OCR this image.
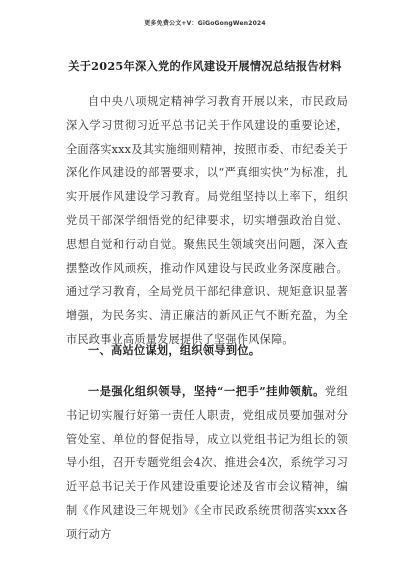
更多免费公文+V：GiGoGongWen2024
关于2025年深入党的作风建设开展情况总结报告材料
自中央八项规定精神学习教育开展以来，市民政局深入学习贯彻习近平总书记关于作风建设的重要论述，全面落实xxx及其实施细则精神，按照市委、市纪委关于深化作风建设的部署要求，以“严真细实快”为标准，扎实开展作风建设学习教育。局党组坚持以上率下，组织党员干部深学细悟党的纪律要求，切实增强政治自觉、思想自觉和行动自觉。聚焦民生领域突出问题，深入查摆整改作风顽疾，推动作风建设与民政业务深度融合。通过学习教育，全局党员干部纪律意识、规矩意识显著增强，为民务实、清正廉洁的新风正气不断充盈，为全市民政事业高质量发展提供了坚强作风保障。
一、高站位谋划，组织领导到位。
一是强化组织领导，坚持“一把手”挂帅领航。党组书记切实履行好第一责任人职责，党组成员要加强对分管处室、单位的督促指导，成立以党组书记为组长的领导小组，召开专题党组会4次、推进会4次，系统学习习近平总书记关于作风建设重要论述及省市会议精神，编制《作风建设三年规划》《全市民政系统贯彻落实xxx各项行动方
